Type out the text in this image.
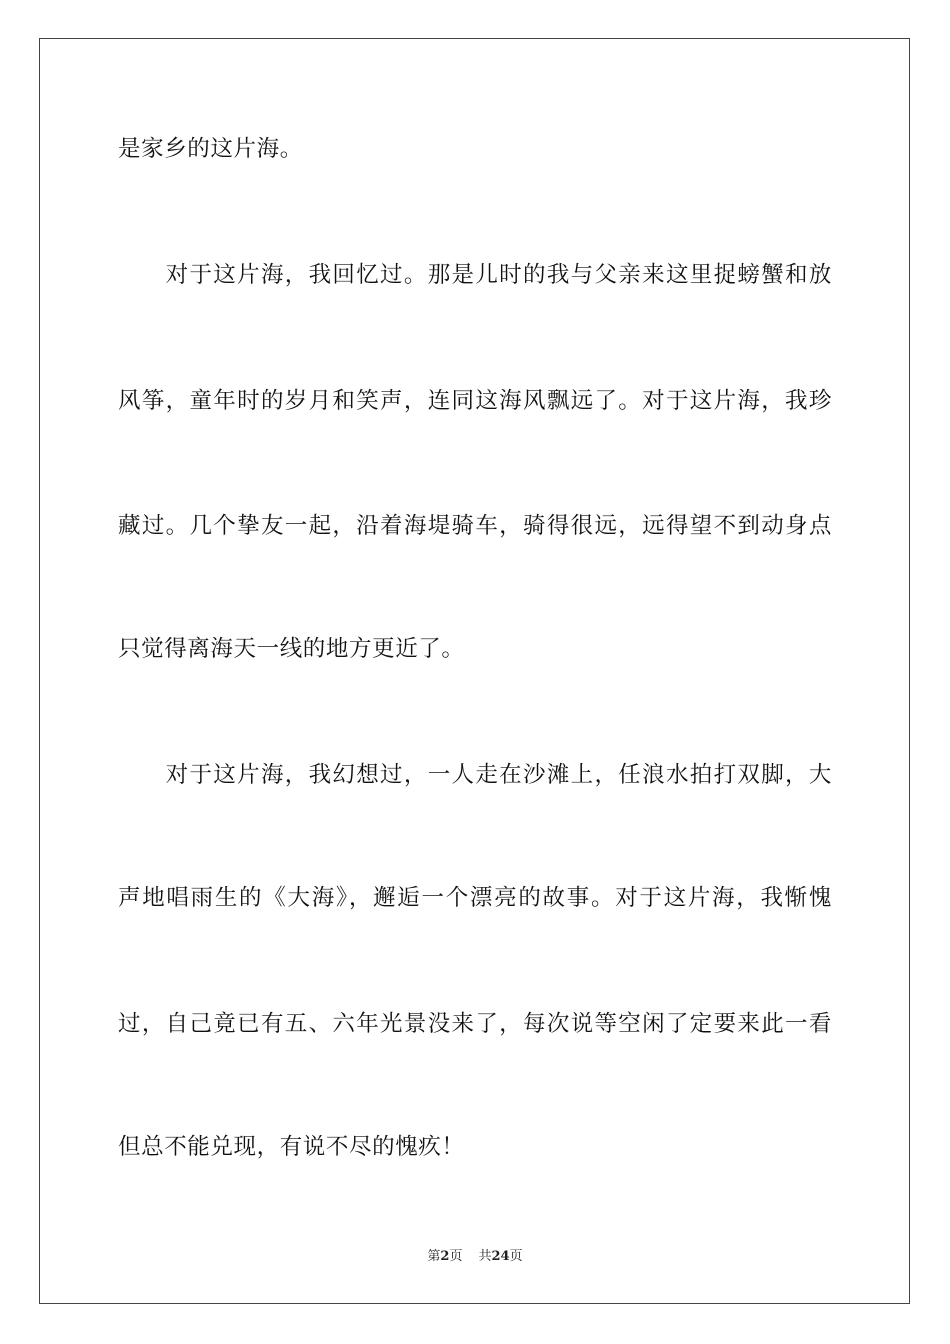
是家乡的这片海。
　　对于这片海，我回忆过。那是儿时的我与父亲来这里捉螃蟹和放
风筝，童年时的岁月和笑声，连同这海风飘远了。对于这片海，我珍
藏过。几个挚友一起，沿着海堤骑车，骑得很远，远得望不到动身点
只觉得离海天一线的地方更近了。
　　对于这片海，我幻想过，一人走在沙滩上，任浪水拍打双脚，大
声地唱雨生的《大海》，邂逅一个漂亮的故事。对于这片海，我惭愧
过，自己竟已有五、六年光景没来了，每次说等空闲了定要来此一看
但总不能兑现，有说不尽的愧疚！
第2页 共24页
